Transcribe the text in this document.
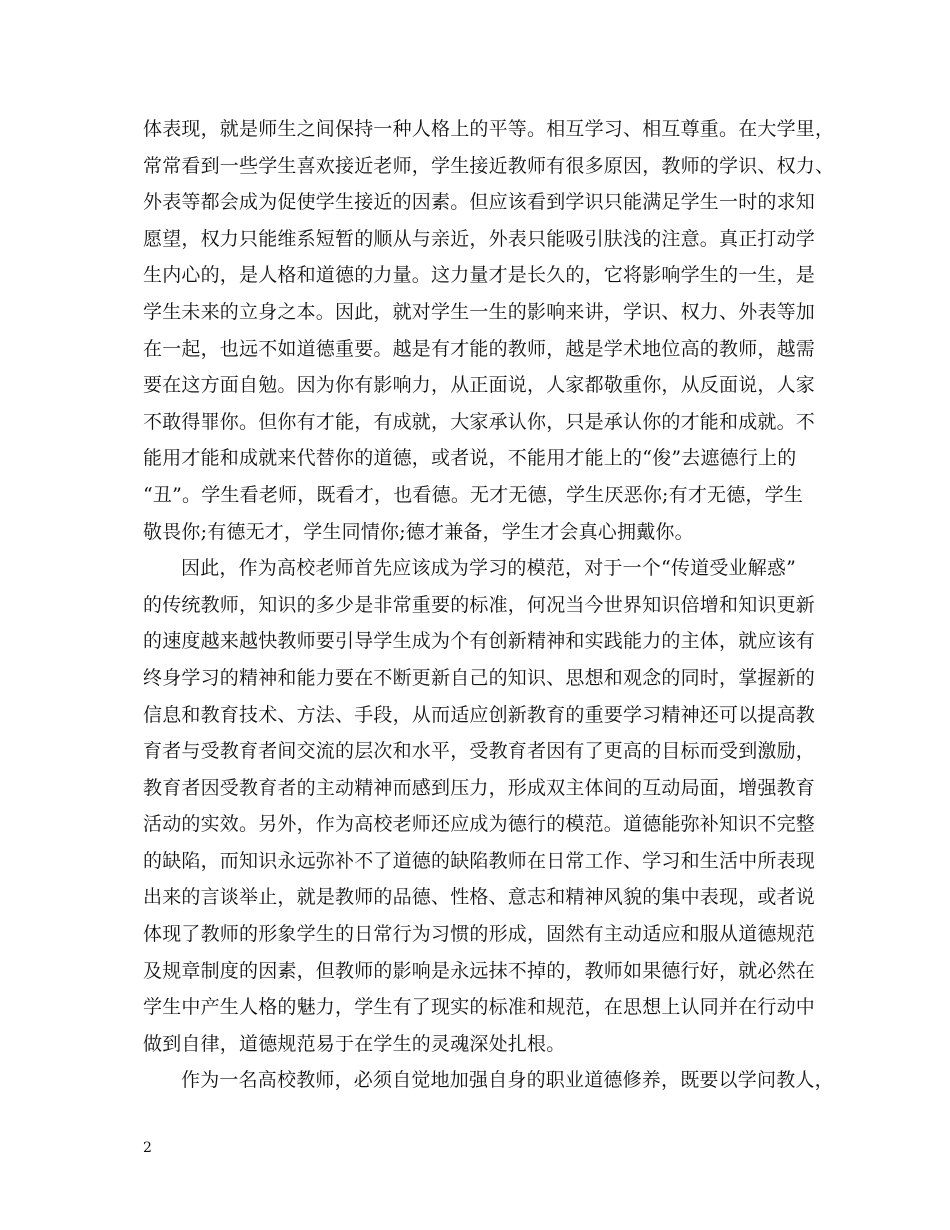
体表现，就是师生之间保持一种人格上的平等。相互学习、相互尊重。在大学里，
常常看到一些学生喜欢接近老师，学生接近教师有很多原因，教师的学识、权力、
外表等都会成为促使学生接近的因素。但应该看到学识只能满足学生一时的求知
愿望，权力只能维系短暂的顺从与亲近，外表只能吸引肤浅的注意。真正打动学
生内心的，是人格和道德的力量。这力量才是长久的，它将影响学生的一生，是
学生未来的立身之本。因此，就对学生一生的影响来讲，学识、权力、外表等加
在一起，也远不如道德重要。越是有才能的教师，越是学术地位高的教师，越需
要在这方面自勉。因为你有影响力，从正面说，人家都敬重你，从反面说，人家
不敢得罪你。但你有才能，有成就，大家承认你，只是承认你的才能和成就。不
能用才能和成就来代替你的道德，或者说，不能用才能上的“俊”去遮德行上的
“丑”。学生看老师，既看才，也看德。无才无德，学生厌恶你;有才无德，学生
敬畏你;有德无才，学生同情你;德才兼备，学生才会真心拥戴你。
因此，作为高校老师首先应该成为学习的模范，对于一个“传道受业解惑”
的传统教师，知识的多少是非常重要的标准，何况当今世界知识倍增和知识更新
的速度越来越快教师要引导学生成为个有创新精神和实践能力的主体，就应该有
终身学习的精神和能力要在不断更新自己的知识、思想和观念的同时，掌握新的
信息和教育技术、方法、手段，从而适应创新教育的重要学习精神还可以提高教
育者与受教育者间交流的层次和水平，受教育者因有了更高的目标而受到激励，
教育者因受教育者的主动精神而感到压力，形成双主体间的互动局面，增强教育
活动的实效。另外，作为高校老师还应成为德行的模范。道德能弥补知识不完整
的缺陷，而知识永远弥补不了道德的缺陷教师在日常工作、学习和生活中所表现
出来的言谈举止，就是教师的品德、性格、意志和精神风貌的集中表现，或者说
体现了教师的形象学生的日常行为习惯的形成，固然有主动适应和服从道德规范
及规章制度的因素，但教师的影响是永远抹不掉的，教师如果德行好，就必然在
学生中产生人格的魅力，学生有了现实的标准和规范，在思想上认同并在行动中
做到自律，道德规范易于在学生的灵魂深处扎根。
作为一名高校教师，必须自觉地加强自身的职业道德修养，既要以学问教人，
2
